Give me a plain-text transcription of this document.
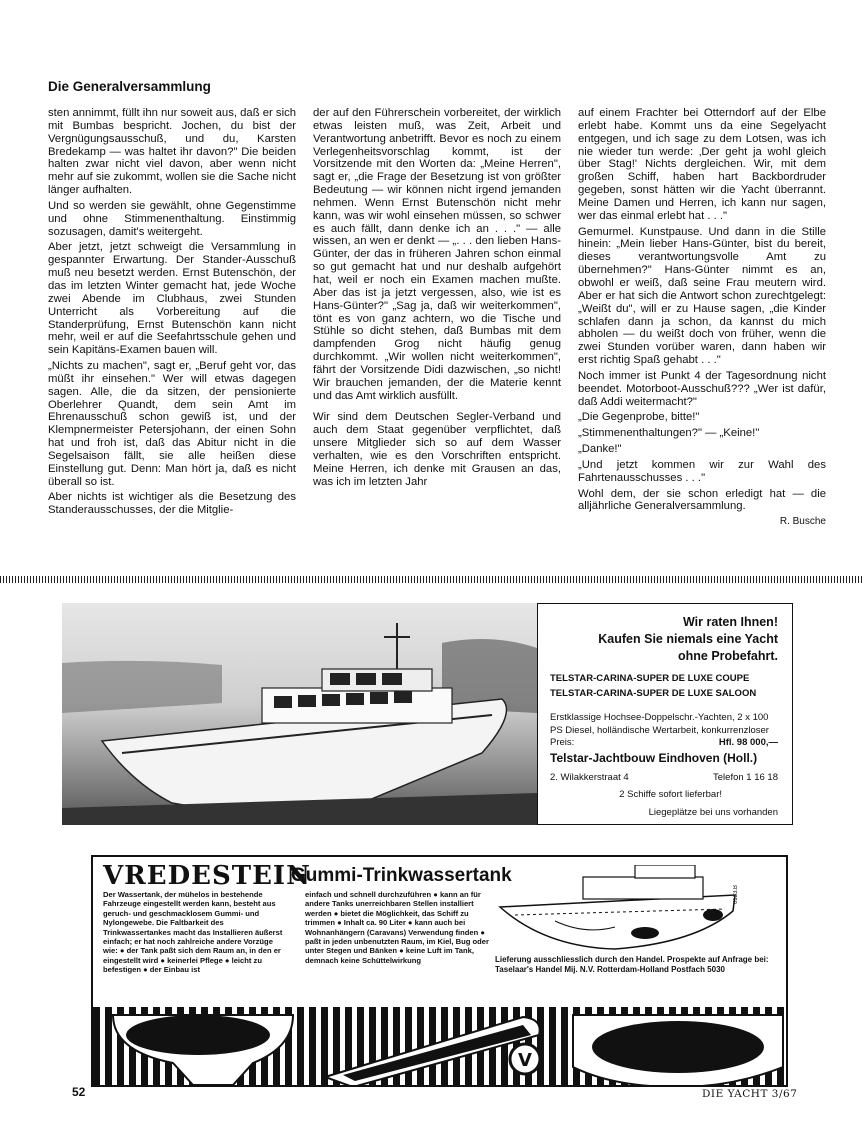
Die Generalversammlung

sten annimmt, füllt ihn nur soweit aus, daß er sich mit Bumbas bespricht. Jochen, du bist der Vergnügungsausschuß, und du, Karsten Bredekamp — was haltet ihr davon?" Die beiden halten zwar nicht viel davon, aber wenn nicht mehr auf sie zukommt, wollen sie die Sache nicht länger aufhalten.

Und so werden sie gewählt, ohne Gegenstimme und ohne Stimmenenthaltung. Einstimmig sozusagen, damit's weitergeht.

Aber jetzt, jetzt schweigt die Versammlung in gespannter Erwartung. Der Stander-Ausschuß muß neu besetzt werden. Ernst Butenschön, der das im letzten Winter gemacht hat, jede Woche zwei Abende im Clubhaus, zwei Stunden Unterricht als Vorbereitung auf die Standerprüfung, Ernst Butenschön kann nicht mehr, weil er auf die Seefahrtsschule gehen und sein Kapitäns-Examen bauen will.

„Nichts zu machen", sagt er, „Beruf geht vor, das müßt ihr einsehen." Wer will etwas dagegen sagen. Alle, die da sitzen, der pensionierte Oberlehrer Quandt, dem sein Amt im Ehrenausschuß schon gewiß ist, und der Klempnermeister Petersjohann, der einen Sohn hat und froh ist, daß das Abitur nicht in die Segelsaison fällt, sie alle heißen diese Einstellung gut. Denn: Man hört ja, daß es nicht überall so ist.

Aber nichts ist wichtiger als die Besetzung des Standerausschusses, der die Mitglie-

der auf den Führerschein vorbereitet, der wirklich etwas leisten muß, was Zeit, Arbeit und Verantwortung anbetrifft. Bevor es noch zu einem Verlegenheitsvorschlag kommt, ist der Vorsitzende mit den Worten da: „Meine Herren", sagt er, „die Frage der Besetzung ist von größter Bedeutung — wir können nicht irgend jemanden nehmen. Wenn Ernst Butenschön nicht mehr kann, was wir wohl einsehen müssen, so schwer es auch fällt, dann denke ich an . . ." — alle wissen, an wen er denkt — „. . . den lieben Hans-Günter, der das in früheren Jahren schon einmal so gut gemacht hat und nur deshalb aufgehört hat, weil er noch ein Examen machen mußte. Aber das ist ja jetzt vergessen, also, wie ist es Hans-Günter?" „Sag ja, daß wir weiterkommen", tönt es von ganz achtern, wo die Tische und Stühle so dicht stehen, daß Bumbas mit dem dampfenden Grog nicht häufig genug durchkommt. „Wir wollen nicht weiterkommen", fährt der Vorsitzende Didi dazwischen, „so nicht! Wir brauchen jemanden, der die Materie kennt und das Amt wirklich ausfüllt.

Wir sind dem Deutschen Segler-Verband und auch dem Staat gegenüber verpflichtet, daß unsere Mitglieder sich so auf dem Wasser verhalten, wie es den Vorschriften entspricht. Meine Herren, ich denke mit Grausen an das, was ich im letzten Jahr

auf einem Frachter bei Otterndorf auf der Elbe erlebt habe. Kommt uns da eine Segelyacht entgegen, und ich sage zu dem Lotsen, was ich nie wieder tun werde: ‚Der geht ja wohl gleich über Stag!' Nichts dergleichen. Wir, mit dem großen Schiff, haben hart Backbordruder gegeben, sonst hätten wir die Yacht überrannt. Meine Damen und Herren, ich kann nur sagen, wer das einmal erlebt hat . . ."

Gemurmel. Kunstpause. Und dann in die Stille hinein: „Mein lieber Hans-Günter, bist du bereit, dieses verantwortungsvolle Amt zu übernehmen?" Hans-Günter nimmt es an, obwohl er weiß, daß seine Frau meutern wird. Aber er hat sich die Antwort schon zurechtgelegt: „Weißt du", will er zu Hause sagen, „die Kinder schlafen dann ja schon, da kannst du mich abholen — du weißt doch von früher, wenn die zwei Stunden vorüber waren, dann haben wir erst richtig Spaß gehabt . . ."

Noch immer ist Punkt 4 der Tagesordnung nicht beendet. Motorboot-Ausschuß??? „Wer ist dafür, daß Addi weitermacht?"

„Die Gegenprobe, bitte!"

„Stimmenenthaltungen?" — „Keine!"

„Danke!"

„Und jetzt kommen wir zur Wahl des Fahrtenausschusses . . ."

Wohl dem, der sie schon erledigt hat — die alljährliche Generalversammlung.

R. Busche
Wir raten Ihnen!
Kaufen Sie niemals eine Yacht
ohne Probefahrt.
TELSTAR-CARINA-SUPER DE LUXE COUPE
TELSTAR-CARINA-SUPER DE LUXE SALOON
Erstklassige Hochsee-Doppelschr.-Yachten, 2 x 100 PS Diesel, holländische Wertarbeit, konkurrenzloser Preis:	Hfl. 98 000,—
Telstar-Jachtbouw Eindhoven (Holl.)
2. Wilakkerstraat 4	Telefon 1 16 18
2 Schiffe sofort lieferbar!
Liegeplätze bei uns vorhanden
VREDESTEIN
Gummi-Trinkwassertank
Der Wassertank, der mühelos in bestehende Fahrzeuge eingestellt werden kann, besteht aus geruch- und geschmacklosem Gummi- und Nylongewebe. Die Faltbarkeit des Trinkwassertankes macht das Installieren äußerst einfach; er hat noch zahlreiche andere Vorzüge wie: ● der Tank paßt sich dem Raum an, in den er eingestellt wird ● keinerlei Pflege ● leicht zu befestigen ● der Einbau ist
einfach und schnell durchzuführen ● kann an für andere Tanks unerreichbaren Stellen installiert werden ● bietet die Möglichkeit, das Schiff zu trimmen ● Inhalt ca. 90 Liter ● kann auch bei Wohnanhängern (Caravans) Verwendung finden ● paßt in jeden unbenutzten Raum, im Kiel, Bug oder unter Stegen und Bänken ● keine Luft im Tank, demnach keine Schüttelwirkung
0133.B
Lieferung ausschliesslich durch den Handel. Prospekte auf Anfrage bei: Taselaar's Handel Mij. N.V. Rotterdam-Holland Postfach 5030
V
52	DIE YACHT 3/67
